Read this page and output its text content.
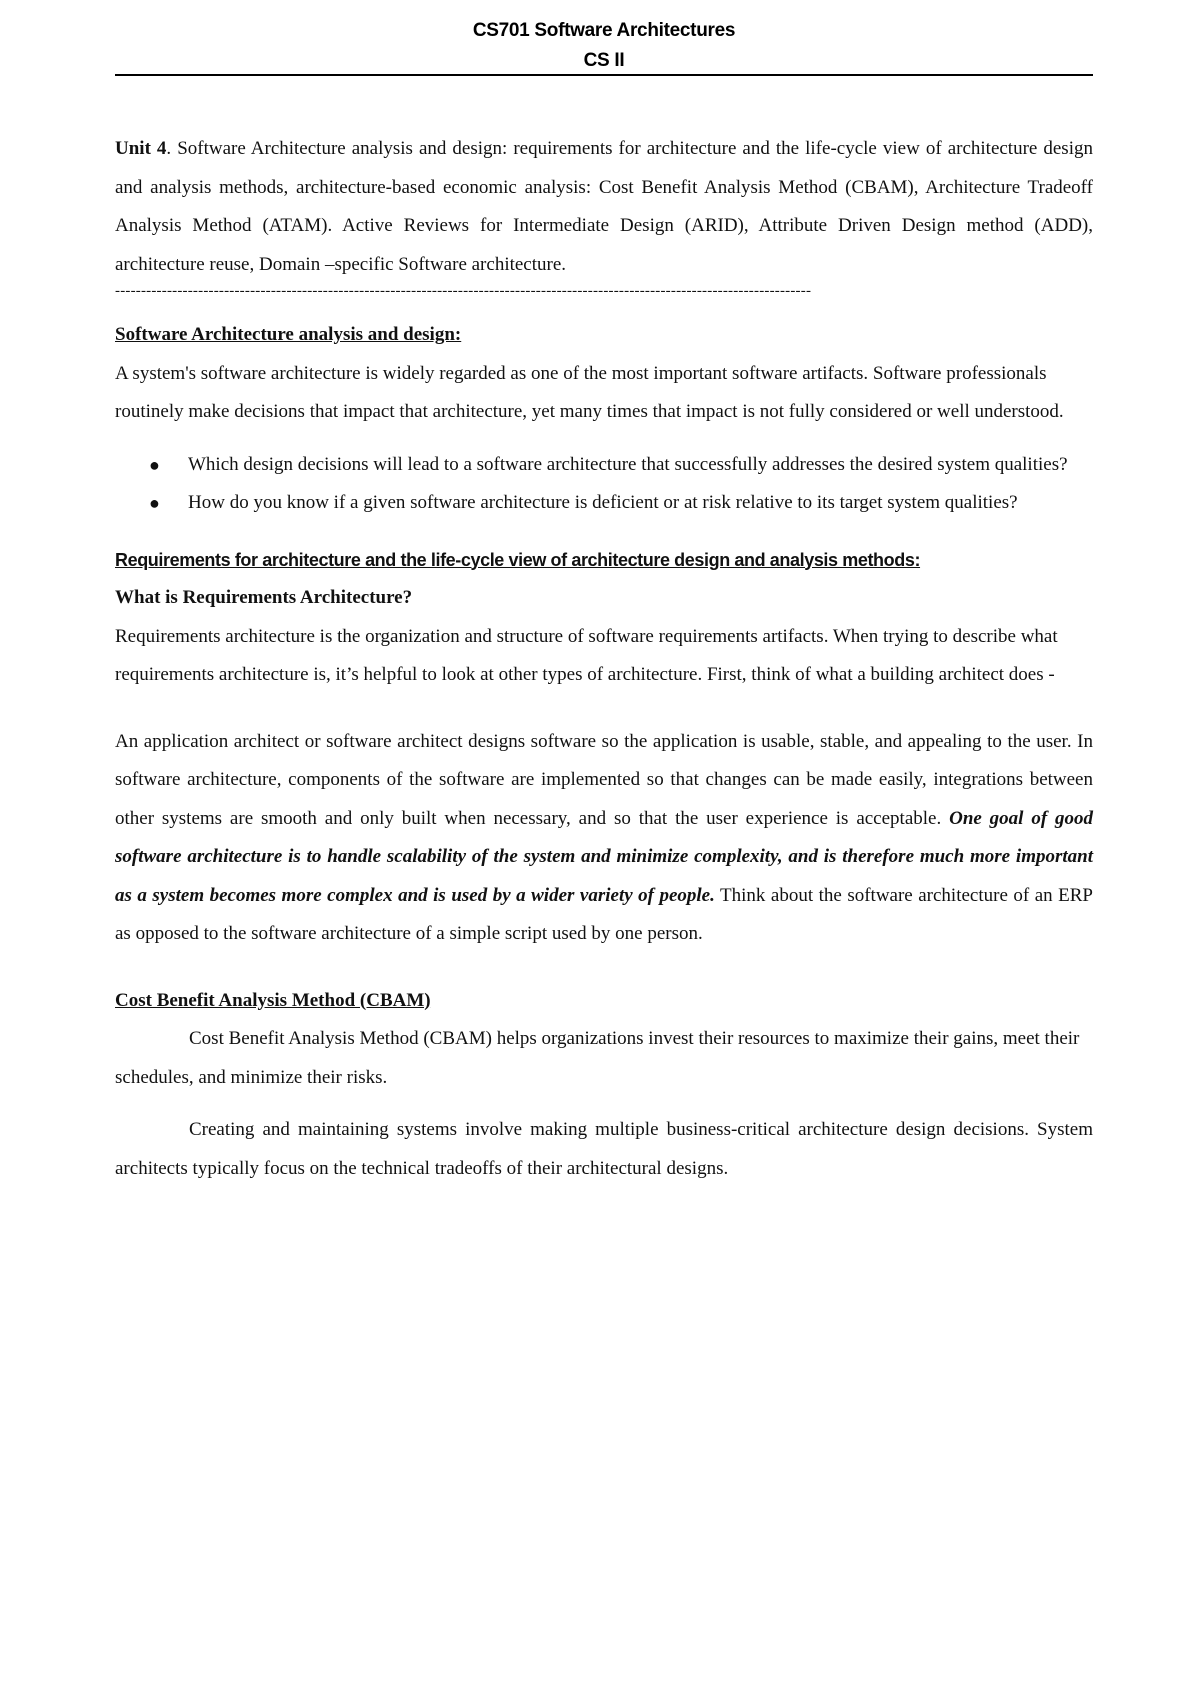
CS701 Software Architectures
CS II

Unit 4. Software Architecture analysis and design: requirements for architecture and the life-cycle view of architecture design and analysis methods, architecture-based economic analysis: Cost Benefit Analysis Method (CBAM), Architecture Tradeoff Analysis Method (ATAM). Active Reviews for Intermediate Design (ARID), Attribute Driven Design method (ADD), architecture reuse, Domain –specific Software architecture.

--------------------------------------------------------------------------------------------------------------------------------------

Software Architecture analysis and design:

A system's software architecture is widely regarded as one of the most important software artifacts. Software professionals routinely make decisions that impact that architecture, yet many times that impact is not fully considered or well understood.

● Which design decisions will lead to a software architecture that successfully addresses the desired system qualities?
● How do you know if a given software architecture is deficient or at risk relative to its target system qualities?

Requirements for architecture and the life-cycle view of architecture design and analysis methods:

What is Requirements Architecture?

Requirements architecture is the organization and structure of software requirements artifacts. When trying to describe what requirements architecture is, it’s helpful to look at other types of architecture. First, think of what a building architect does -

An application architect or software architect designs software so the application is usable, stable, and appealing to the user. In software architecture, components of the software are implemented so that changes can be made easily, integrations between other systems are smooth and only built when necessary, and so that the user experience is acceptable. One goal of good software architecture is to handle scalability of the system and minimize complexity, and is therefore much more important as a system becomes more complex and is used by a wider variety of people. Think about the software architecture of an ERP as opposed to the software architecture of a simple script used by one person.

Cost Benefit Analysis Method (CBAM)

Cost Benefit Analysis Method (CBAM) helps organizations invest their resources to maximize their gains, meet their schedules, and minimize their risks.

Creating and maintaining systems involve making multiple business-critical architecture design decisions. System architects typically focus on the technical tradeoffs of their architectural designs.
